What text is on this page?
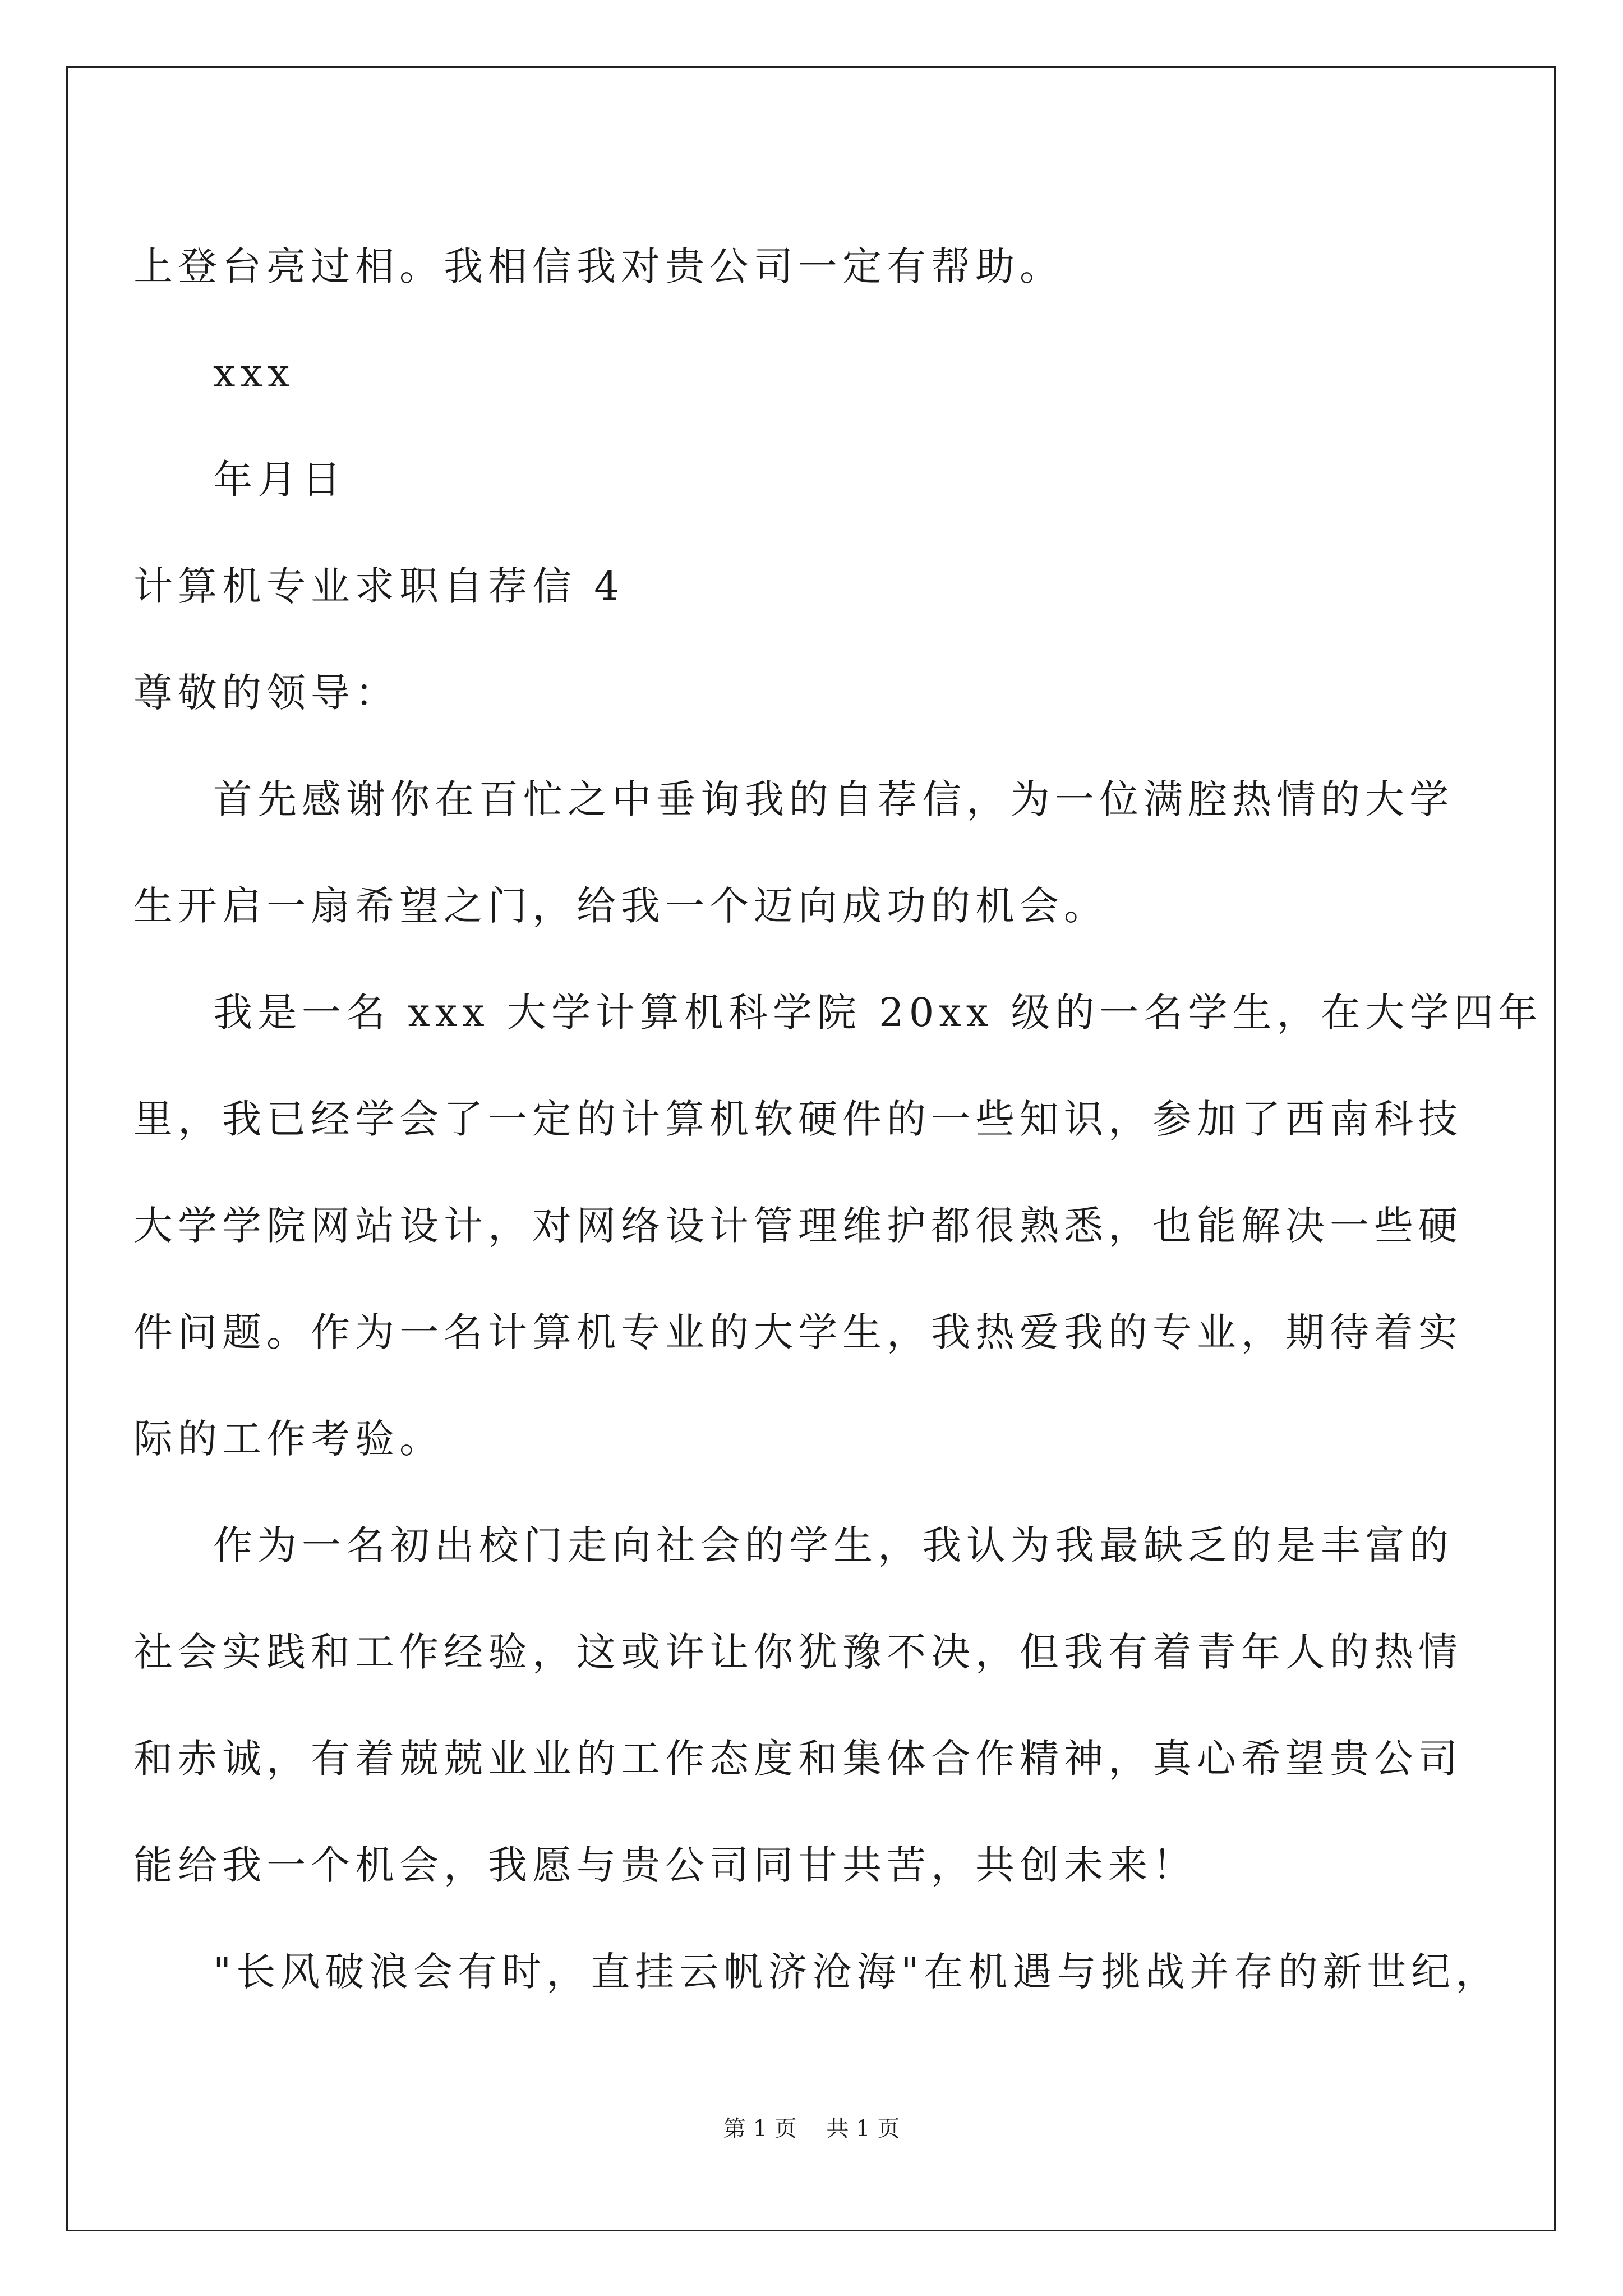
上登台亮过相。我相信我对贵公司一定有帮助。
xxx
年月日
计算机专业求职自荐信 4
尊敬的领导：
首先感谢你在百忙之中垂询我的自荐信，为一位满腔热情的大学
生开启一扇希望之门，给我一个迈向成功的机会。
我是一名 xxx 大学计算机科学院 20xx 级的一名学生，在大学四年
里，我已经学会了一定的计算机软硬件的一些知识，参加了西南科技
大学学院网站设计，对网络设计管理维护都很熟悉，也能解决一些硬
件问题。作为一名计算机专业的大学生，我热爱我的专业，期待着实
际的工作考验。
作为一名初出校门走向社会的学生，我认为我最缺乏的是丰富的
社会实践和工作经验，这或许让你犹豫不决，但我有着青年人的热情
和赤诚，有着兢兢业业的工作态度和集体合作精神，真心希望贵公司
能给我一个机会，我愿与贵公司同甘共苦，共创未来！
"长风破浪会有时，直挂云帆济沧海"在机遇与挑战并存的新世纪，
第 1 页 共 1 页
